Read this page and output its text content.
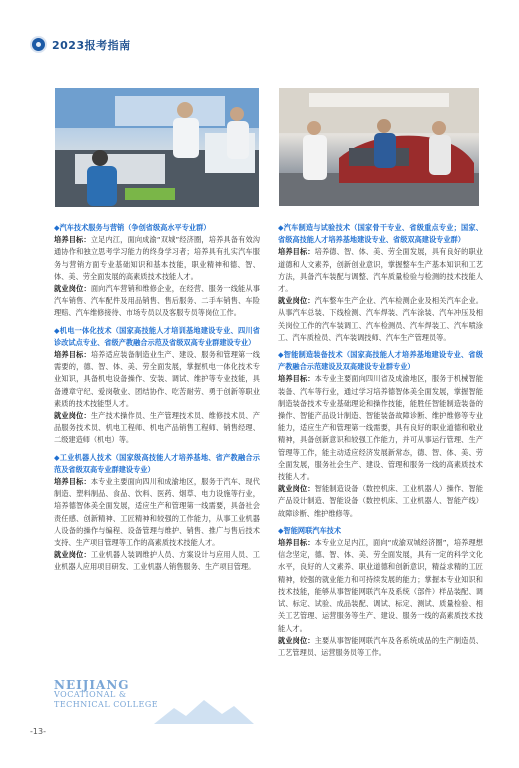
2023报考指南
◆汽车技术服务与营销（争创省级高水平专业群）
培养目标：立足内江，面向成渝“双城”经济圈，培养具备有效沟通协作和独立思考学习能力的终身学习者；培养具有扎实汽车服务与营销方面专业基础知识和基本技能，职业精神和德、智、体、美、劳全面发展的高素质技术技能人才。
就业岗位：面向汽车营销和维修企业，在经营、服务一线能从事汽车销售、汽车配件及用品销售、售后服务、二手车销售、车险理赔、汽车维修接待、市场专员以及客服专员等岗位工作。
◆机电一体化技术（国家高技能人才培训基地建设专业、四川省诊改试点专业、省级产教融合示范及省级双高专业群建设专业）
培养目标：培养适应装备制造业生产、建设、服务和管理第一线需要的，德、智、体、美、劳全面发展，掌握机电一体化技术专业知识，具备机电设备操作、安装、调试、维护等专业技能，具备遵章守纪、爱岗敬业、团结协作、吃苦耐劳、勇于创新等职业素质的技术技能型人才。
就业岗位：生产技术操作员、生产管理技术员、维修技术员、产品服务技术员、机电工程师、机电产品销售工程师、销售经理、二级建造师（机电）等。
◆工业机器人技术（国家级高技能人才培养基地、省产教融合示范及省级双高专业群建设专业）
培养目标：本专业主要面向四川和成渝地区，服务于汽车、现代制造、塑料制品、食品、饮料、医药、烟草、电力设施等行业，培养德智体美全面发展，适应生产和管理第一线需要，具备社会责任感、创新精神、工匠精神和较强的工作能力，从事工业机器人设备的操作与编程、设备管理与维护、销售、推广与售后技术支持、生产项目管理等工作的高素质技术技能人才。
就业岗位：工业机器人装调维护人员、方案设计与应用人员、工业机器人应用项目研发、工业机器人销售服务、生产项目管理。
◆汽车制造与试验技术（国家骨干专业、省级重点专业；国家、省级高技能人才培养基地建设专业、省级双高建设专业群）
培养目标：培养德、智、体、美、劳全面发展，具有良好的职业道德和人文素养，创新创业意识，掌握整车生产基本知识和工艺方法，具备汽车装配与调整、汽车质量检验与检测的技术技能人才。
就业岗位：汽车整车生产企业、汽车检测企业及相关汽车企业。从事汽车总装、下线检测、汽车焊装、汽车涂装、汽车冲压及相关岗位工作的汽车装调工、汽车检测员、汽车焊装工、汽车喷涂工、汽车质检员、汽车装调技师、汽车生产管理员等。
◆智能制造装备技术（国家高技能人才培养基地建设专业、省级产教融合示范建设及双高建设专业群专业）
培养目标：本专业主要面向四川省及成渝地区，服务于机械智能装备、汽车等行业，通过学习培养德智体美全面发展，掌握智能制造装备技术专业基础理论和操作技能，能胜任智能制造装备的操作、智能产品设计制造、智能装备故障诊断、维护维修等专业能力，适应生产和管理第一线需要，具有良好的职业道德和敬业精神，具备创新意识和较强工作能力，并可从事运行管理、生产管理等工作，能主动适应经济发展新常态，德、智、体、美、劳全面发展，服务社会生产、建设、管理和服务一线的高素质技术技能人才。
就业岗位：智能制造设备（数控机床、工业机器人）操作、智能产品设计制造、智能设备（数控机床、工业机器人、智能产线）故障诊断、维护维修等。
◆智能网联汽车技术
培养目标：本专业立足内江，面向“成渝双城经济圈”，培养理想信念坚定，德、智、体、美、劳全面发展，具有一定的科学文化水平，良好的人文素养、职业道德和创新意识，精益求精的工匠精神，较强的就业能力和可持续发展的能力；掌握本专业知识和技术技能，能够从事智能网联汽车及系统（部件）样品装配、调试、标定、试验、成品装配、调试、标定、测试、质量检验、相关工艺管理、运营服务等生产、建设、服务一线的高素质技术技能人才。
就业岗位：主要从事智能网联汽车及各系统成品的生产制造员、工艺管理员、运营服务员等工作。
NEIJIANG
VOCATIONAL &
TECHNICAL COLLEGE
-13-
